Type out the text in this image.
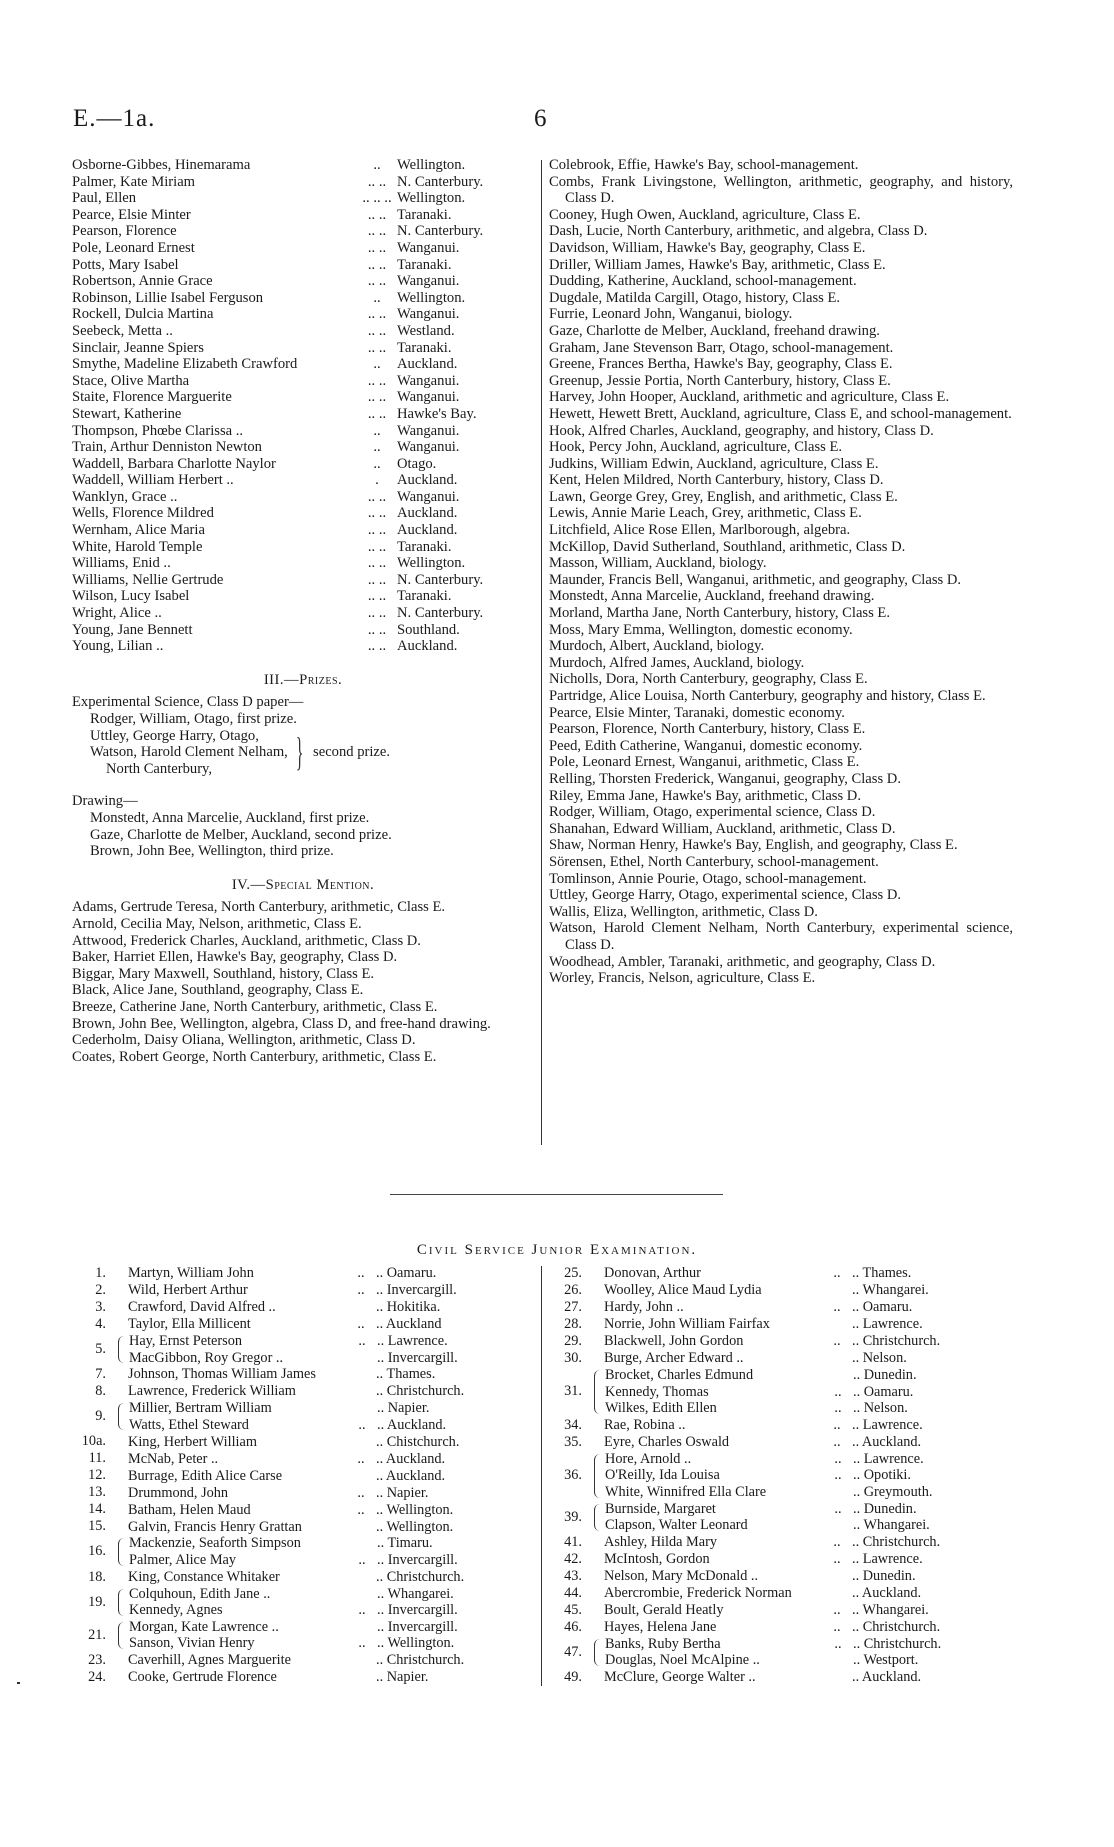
E.—1a.	6
Osborne-Gibbes, Hinemarama	..	Wellington.
Palmer, Kate Miriam	.. .. N. Canterbury.
Paul, Ellen	.. .. .. Wellington.
Pearce, Elsie Minter	.. .. Taranaki.
Pearson, Florence	.. .. N. Canterbury.
Pole, Leonard Ernest	.. .. Wanganui.
Potts, Mary Isabel	.. .. Taranaki.
Robertson, Annie Grace	.. .. Wanganui.
Robinson, Lillie Isabel Ferguson	..	Wellington.
Rockell, Dulcia Martina	.. .. Wanganui.
Seebeck, Metta ..	.. .. Westland.
Sinclair, Jeanne Spiers	.. .. Taranaki.
Smythe, Madeline Elizabeth Crawford	..	Auckland.
Stace, Olive Martha	.. .. Wanganui.
Staite, Florence Marguerite	.. .. Wanganui.
Stewart, Katherine	.. .. Hawke's Bay.
Thompson, Phœbe Clarissa ..	..	Wanganui.
Train, Arthur Denniston Newton	..	Wanganui.
Waddell, Barbara Charlotte Naylor	..	Otago.
Waddell, William Herbert ..	.	Auckland.
Wanklyn, Grace ..	.. .. Wanganui.
Wells, Florence Mildred	.. .. Auckland.
Wernham, Alice Maria	.. .. Auckland.
White, Harold Temple	.. .. Taranaki.
Williams, Enid ..	.. .. Wellington.
Williams, Nellie Gertrude	.. .. N. Canterbury.
Wilson, Lucy Isabel	.. .. Taranaki.
Wright, Alice ..	.. .. N. Canterbury.
Young, Jane Bennett	.. .. Southland.
Young, Lilian ..	.. .. Auckland.
III.—Prizes.
Experimental Science, Class D paper—
Rodger, William, Otago, first prize.
Uttley, George Harry, Otago,
Watson, Harold Clement Nelham,
North Canterbury,	} second prize.
Drawing—
Monstedt, Anna Marcelie, Auckland, first prize.
Gaze, Charlotte de Melber, Auckland, second prize.
Brown, John Bee, Wellington, third prize.
IV.—Special Mention.
Adams, Gertrude Teresa, North Canterbury, arithmetic, Class E.
Arnold, Cecilia May, Nelson, arithmetic, Class E.
Attwood, Frederick Charles, Auckland, arithmetic, Class D.
Baker, Harriet Ellen, Hawke's Bay, geography, Class D.
Biggar, Mary Maxwell, Southland, history, Class E.
Black, Alice Jane, Southland, geography, Class E.
Breeze, Catherine Jane, North Canterbury, arithmetic, Class E.
Brown, John Bee, Wellington, algebra, Class D, and free-hand drawing.
Cederholm, Daisy Oliana, Wellington, arithmetic, Class D.
Coates, Robert George, North Canterbury, arithmetic, Class E.
Colebrook, Effie, Hawke's Bay, school-management.
Combs, Frank Livingstone, Wellington, arithmetic, geography, and history, Class D.
Cooney, Hugh Owen, Auckland, agriculture, Class E.
Dash, Lucie, North Canterbury, arithmetic, and algebra, Class D.
Davidson, William, Hawke's Bay, geography, Class E.
Driller, William James, Hawke's Bay, arithmetic, Class E.
Dudding, Katherine, Auckland, school-management.
Dugdale, Matilda Cargill, Otago, history, Class E.
Furrie, Leonard John, Wanganui, biology.
Gaze, Charlotte de Melber, Auckland, freehand drawing.
Graham, Jane Stevenson Barr, Otago, school-management.
Greene, Frances Bertha, Hawke's Bay, geography, Class E.
Greenup, Jessie Portia, North Canterbury, history, Class E.
Harvey, John Hooper, Auckland, arithmetic and agriculture, Class E.
Hewett, Hewett Brett, Auckland, agriculture, Class E, and school-management.
Hook, Alfred Charles, Auckland, geography, and history, Class D.
Hook, Percy John, Auckland, agriculture, Class E.
Judkins, William Edwin, Auckland, agriculture, Class E.
Kent, Helen Mildred, North Canterbury, history, Class D.
Lawn, George Grey, Grey, English, and arithmetic, Class E.
Lewis, Annie Marie Leach, Grey, arithmetic, Class E.
Litchfield, Alice Rose Ellen, Marlborough, algebra.
McKillop, David Sutherland, Southland, arithmetic, Class D.
Masson, William, Auckland, biology.
Maunder, Francis Bell, Wanganui, arithmetic, and geography, Class D.
Monstedt, Anna Marcelie, Auckland, freehand drawing.
Morland, Martha Jane, North Canterbury, history, Class E.
Moss, Mary Emma, Wellington, domestic economy.
Murdoch, Albert, Auckland, biology.
Murdoch, Alfred James, Auckland, biology.
Nicholls, Dora, North Canterbury, geography, Class E.
Partridge, Alice Louisa, North Canterbury, geography and history, Class E.
Pearce, Elsie Minter, Taranaki, domestic economy.
Pearson, Florence, North Canterbury, history, Class E.
Peed, Edith Catherine, Wanganui, domestic economy.
Pole, Leonard Ernest, Wanganui, arithmetic, Class E.
Relling, Thorsten Frederick, Wanganui, geography, Class D.
Riley, Emma Jane, Hawke's Bay, arithmetic, Class D.
Rodger, William, Otago, experimental science, Class D.
Shanahan, Edward William, Auckland, arithmetic, Class D.
Shaw, Norman Henry, Hawke's Bay, English, and geography, Class E.
Sörensen, Ethel, North Canterbury, school-management.
Tomlinson, Annie Pourie, Otago, school-management.
Uttley, George Harry, Otago, experimental science, Class D.
Wallis, Eliza, Wellington, arithmetic, Class D.
Watson, Harold Clement Nelham, North Canterbury, experimental science, Class D.
Woodhead, Ambler, Taranaki, arithmetic, and geography, Class D.
Worley, Francis, Nelson, agriculture, Class E.
Civil Service Junior Examination.
1.	Martyn, William John	.. .. Oamaru.
2.	Wild, Herbert Arthur	.. .. Invercargill.
3.	Crawford, David Alfred ..	.. Hokitika.
4.	Taylor, Ella Millicent	.. .. Auckland
5.
Hay, Ernst Peterson	.. .. Lawrence.
MacGibbon, Roy Gregor ..	.. Invercargill.
7.	Johnson, Thomas William James	.. Thames.
8.	Lawrence, Frederick William	.. Christchurch.
9.
Millier, Bertram William	.. Napier.
Watts, Ethel Steward	.. .. Auckland.
10a.	King, Herbert William	.. Chistchurch.
11.	McNab, Peter ..	.. .. Auckland.
12.	Burrage, Edith Alice Carse	.. Auckland.
13.	Drummond, John	.. .. Napier.
14.	Batham, Helen Maud	.. .. Wellington.
15.	Galvin, Francis Henry Grattan	.. Wellington.
16.
Mackenzie, Seaforth Simpson	.. Timaru.
Palmer, Alice May	.. .. Invercargill.
18.	King, Constance Whitaker	.. Christchurch.
19.
Colquhoun, Edith Jane ..	.. Whangarei.
Kennedy, Agnes	.. .. Invercargill.
21.
Morgan, Kate Lawrence ..	.. Invercargill.
Sanson, Vivian Henry	.. .. Wellington.
23.	Caverhill, Agnes Marguerite	.. Christchurch.
24.	Cooke, Gertrude Florence	.. Napier.
25.	Donovan, Arthur	.. .. Thames.
26.	Woolley, Alice Maud Lydia	.. Whangarei.
27.	Hardy, John ..	.. .. Oamaru.
28.	Norrie, John William Fairfax	.. Lawrence.
29.	Blackwell, John Gordon	.. .. Christchurch.
30.	Burge, Archer Edward ..	.. Nelson.
31.
Brocket, Charles Edmund	.. Dunedin.
Kennedy, Thomas	.. .. Oamaru.
Wilkes, Edith Ellen	.. .. Nelson.
34.	Rae, Robina ..	.. .. Lawrence.
35.	Eyre, Charles Oswald	.. .. Auckland.
36.
Hore, Arnold ..	.. .. Lawrence.
O'Reilly, Ida Louisa	.. .. Opotiki.
White, Winnifred Ella Clare	.. Greymouth.
39.
Burnside, Margaret	.. .. Dunedin.
Clapson, Walter Leonard	.. Whangarei.
41.	Ashley, Hilda Mary	.. .. Christchurch.
42.	McIntosh, Gordon	.. .. Lawrence.
43.	Nelson, Mary McDonald ..	.. Dunedin.
44.	Abercrombie, Frederick Norman	.. Auckland.
45.	Boult, Gerald Heatly	.. .. Whangarei.
46.	Hayes, Helena Jane	.. .. Christchurch.
47.
Banks, Ruby Bertha	.. .. Christchurch.
Douglas, Noel McAlpine ..	.. Westport.
49.	McClure, George Walter ..	.. Auckland.
